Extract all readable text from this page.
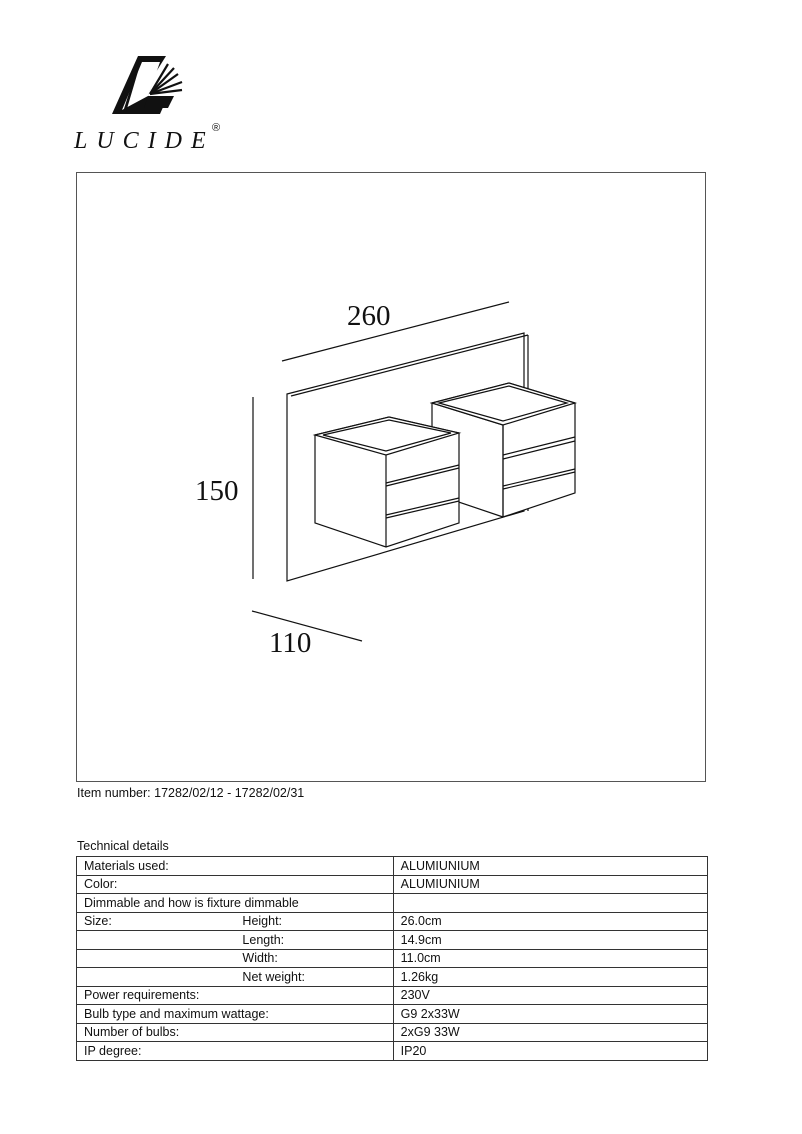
LUCIDE
®
260
150
110
Item number: 17282/02/12 - 17282/02/31
Technical details
Materials used:		ALUMIUNIUM
Color:		ALUMIUNIUM
Dimmable and how is fixture dimmable		
Size:	Height:	26.0cm
	Length:	14.9cm
	Width:	11.0cm
	Net weight:	1.26kg
Power requirements:		230V
Bulb type and maximum wattage:		G9 2x33W
Number of bulbs:		2xG9 33W
IP degree:		IP20
